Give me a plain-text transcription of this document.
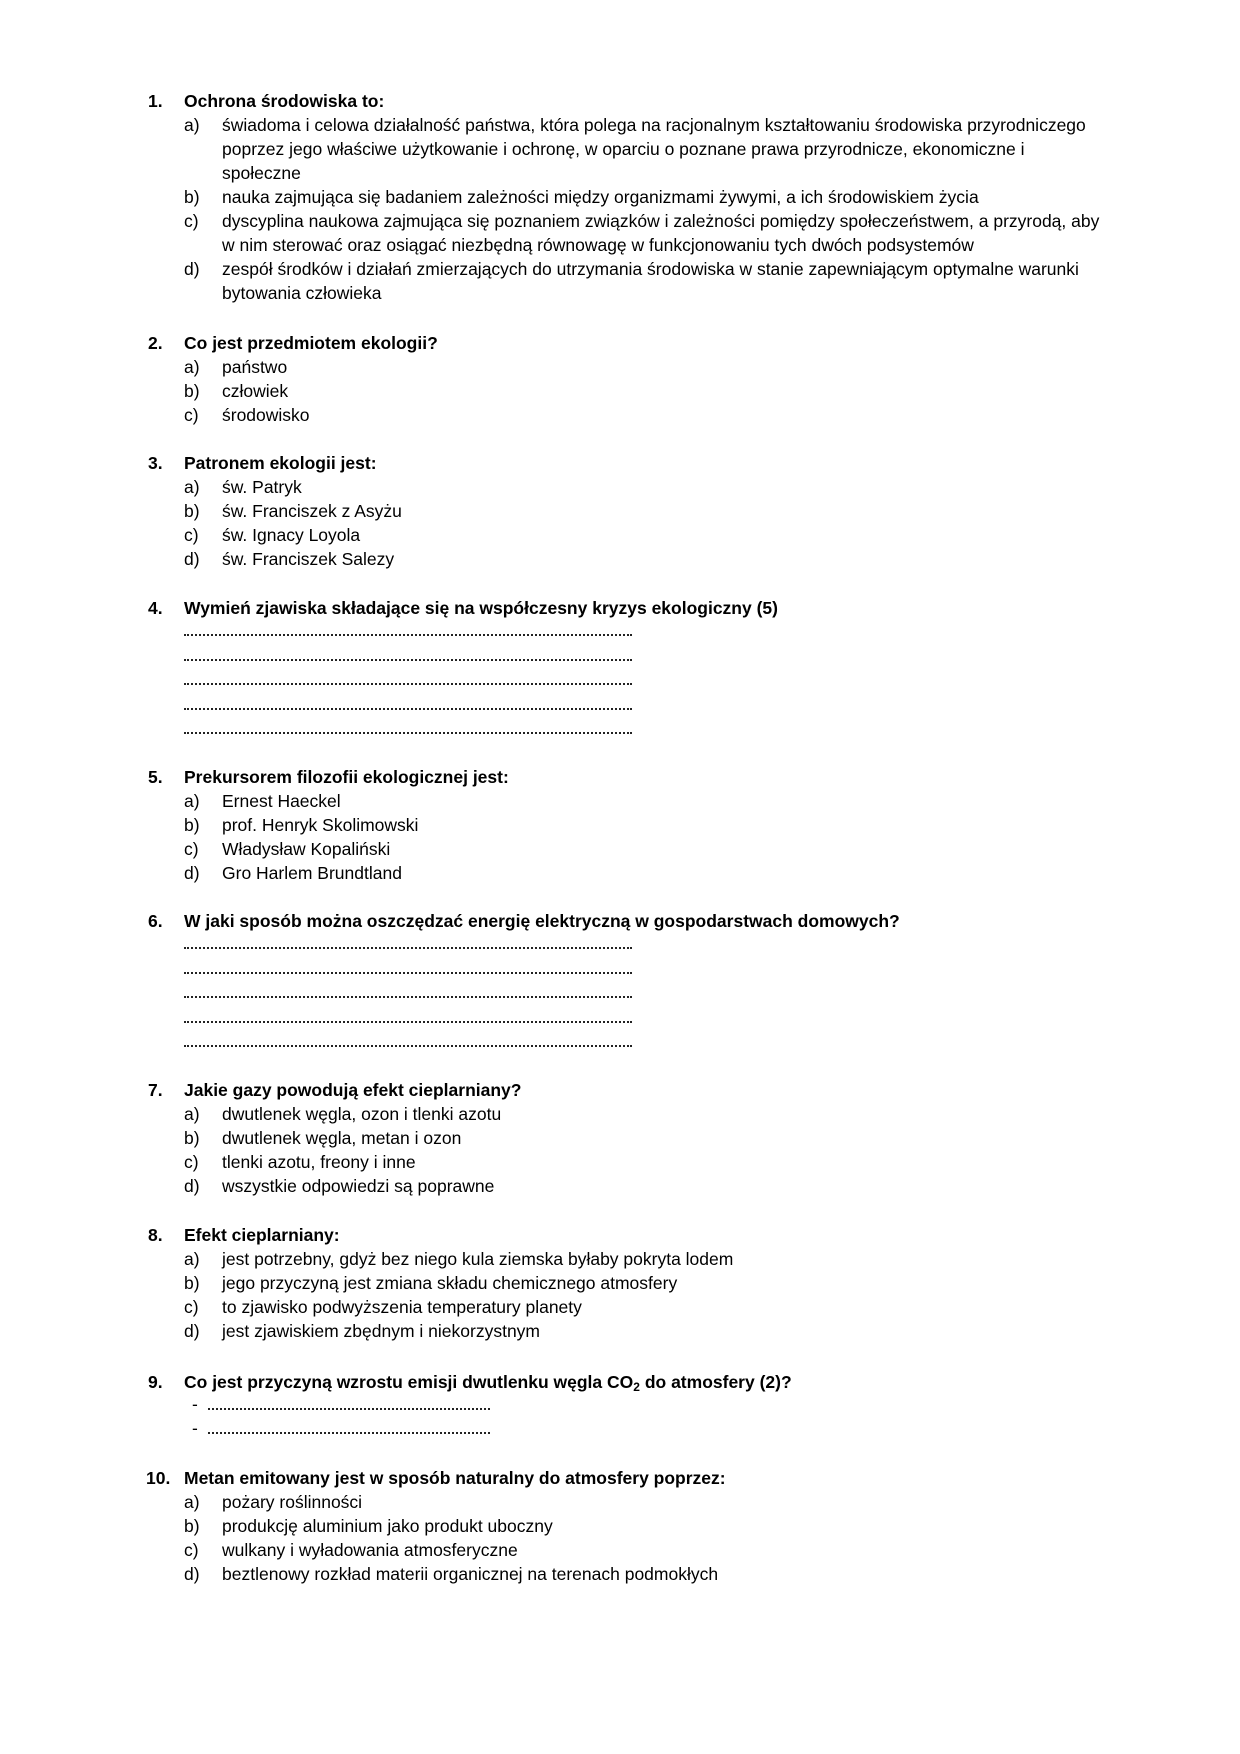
1. Ochrona środowiska to:
a) świadoma i celowa działalność państwa, która polega na racjonalnym kształtowaniu środowiska przyrodniczego poprzez jego właściwe użytkowanie i ochronę, w oparciu o poznane prawa przyrodnicze, ekonomiczne i społeczne
b) nauka zajmująca się badaniem zależności między organizmami żywymi, a ich środowiskiem życia
c) dyscyplina naukowa zajmująca się poznaniem związków i zależności pomiędzy społeczeństwem, a przyrodą, aby w nim sterować oraz osiągać niezbędną równowagę w funkcjonowaniu tych dwóch podsystemów
d) zespół środków i działań zmierzających do utrzymania środowiska w stanie zapewniającym optymalne warunki bytowania człowieka
2. Co jest przedmiotem ekologii?
a) państwo
b) człowiek
c) środowisko
3. Patronem ekologii jest:
a) św. Patryk
b) św. Franciszek z Asyżu
c) św. Ignacy Loyola
d) św. Franciszek Salezy
4. Wymień zjawiska składające się na współczesny kryzys ekologiczny (5)
5. Prekursorem filozofii ekologicznej jest:
a) Ernest Haeckel
b) prof. Henryk Skolimowski
c) Władysław Kopaliński
d) Gro Harlem Brundtland
6. W jaki sposób można oszczędzać energię elektryczną w gospodarstwach domowych?
7. Jakie gazy powodują efekt cieplarniany?
a) dwutlenek węgla, ozon i tlenki azotu
b) dwutlenek węgla, metan i ozon
c) tlenki azotu, freony i inne
d) wszystkie odpowiedzi są poprawne
8. Efekt cieplarniany:
a) jest potrzebny, gdyż bez niego kula ziemska byłaby pokryta lodem
b) jego przyczyną jest zmiana składu chemicznego atmosfery
c) to zjawisko podwyższenia temperatury planety
d) jest zjawiskiem zbędnym i niekorzystnym
9. Co jest przyczyną wzrostu emisji dwutlenku węgla $CO_2$ do atmosfery (2)?
-
-
10. Metan emitowany jest w sposób naturalny do atmosfery poprzez:
a) pożary roślinności
b) produkcję aluminium jako produkt uboczny
c) wulkany i wyładowania atmosferyczne
d) beztlenowy rozkład materii organicznej na terenach podmokłych
